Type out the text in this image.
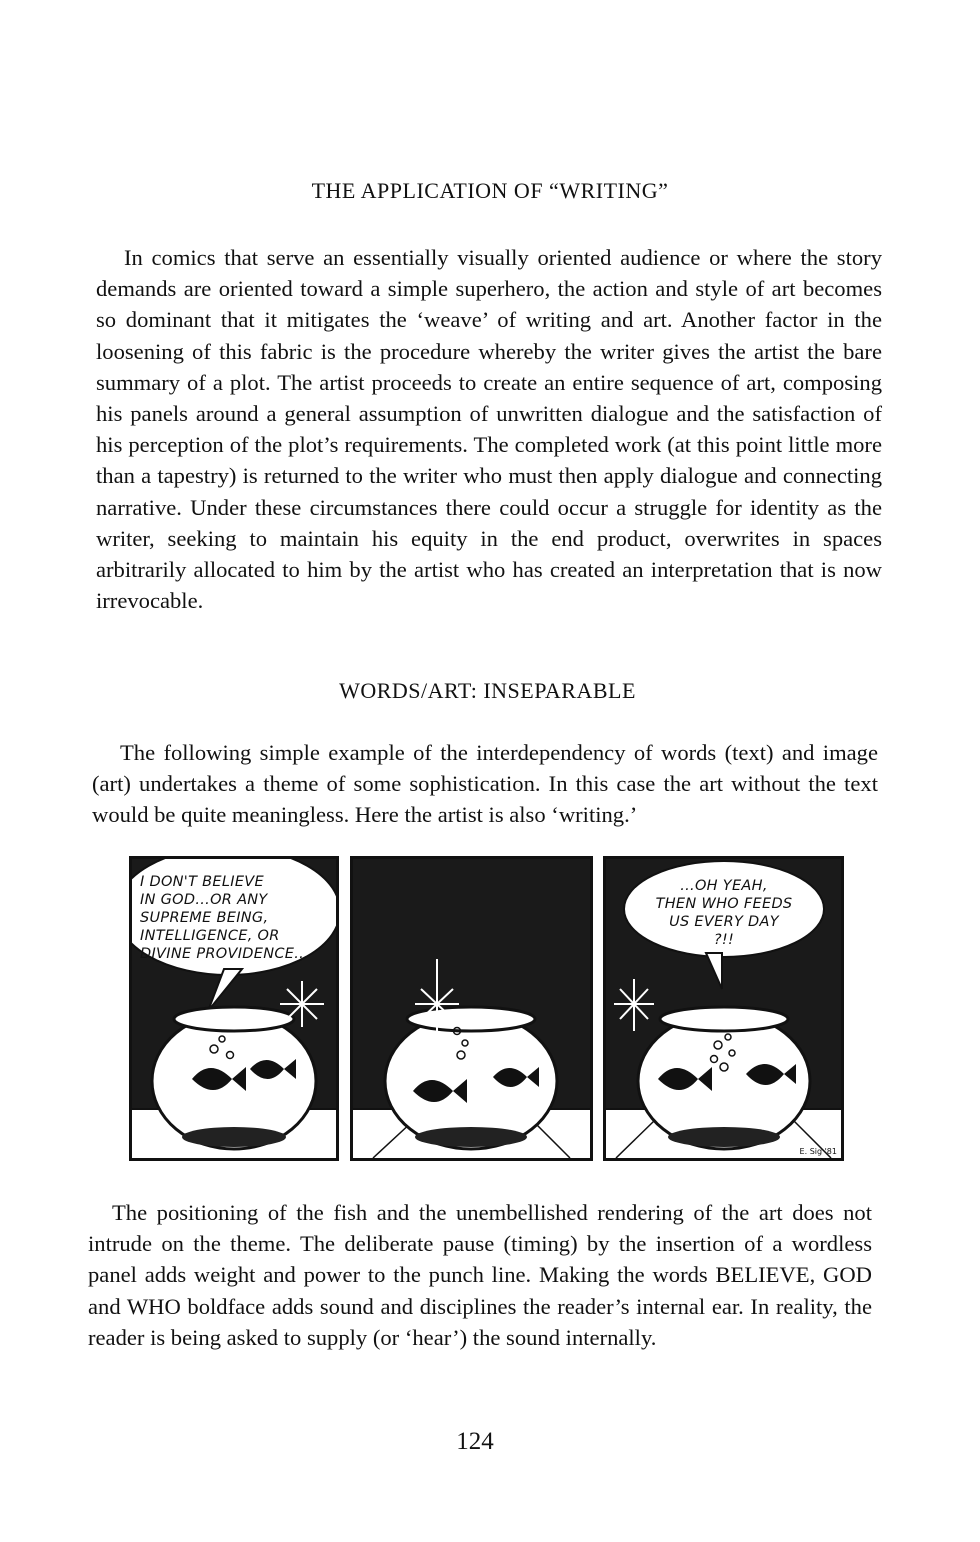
THE APPLICATION OF “WRITING”

In comics that serve an essentially visually oriented audience or where the story demands are oriented toward a simple superhero, the action and style of art becomes so dominant that it mitigates the ‘weave’ of writing and art. Another factor in the loosening of this fabric is the procedure whereby the writer gives the artist the bare summary of a plot. The artist proceeds to create an entire sequence of art, composing his panels around a general assumption of unwritten dialogue and the satisfaction of his perception of the plot’s requirements. The completed work (at this point little more than a tapestry) is returned to the writer who must then apply dialogue and connecting narrative. Under these circumstances there could occur a struggle for identity as the writer, seeking to maintain his equity in the end product, overwrites in spaces arbitrarily allocated to him by the artist who has created an interpretation that is now irrevocable.

WORDS/ART: INSEPARABLE

The following simple example of the interdependency of words (text) and image (art) undertakes a theme of some sophistication. In this case the art without the text would be quite meaningless. Here the artist is also ‘writing.’

I DON'T BELIEVE
IN GOD...OR ANY
SUPREME BEING,
INTELLIGENCE, OR
DIVINE PROVIDENCE...
...OH YEAH,
THEN WHO FEEDS
US EVERY DAY
?!!
E. Sig '81

The positioning of the fish and the unembellished rendering of the art does not intrude on the theme. The deliberate pause (timing) by the insertion of a wordless panel adds weight and power to the punch line. Making the words BELIEVE, GOD and WHO boldface adds sound and disciplines the reader’s internal ear. In reality, the reader is being asked to supply (or ‘hear’) the sound internally.

124
